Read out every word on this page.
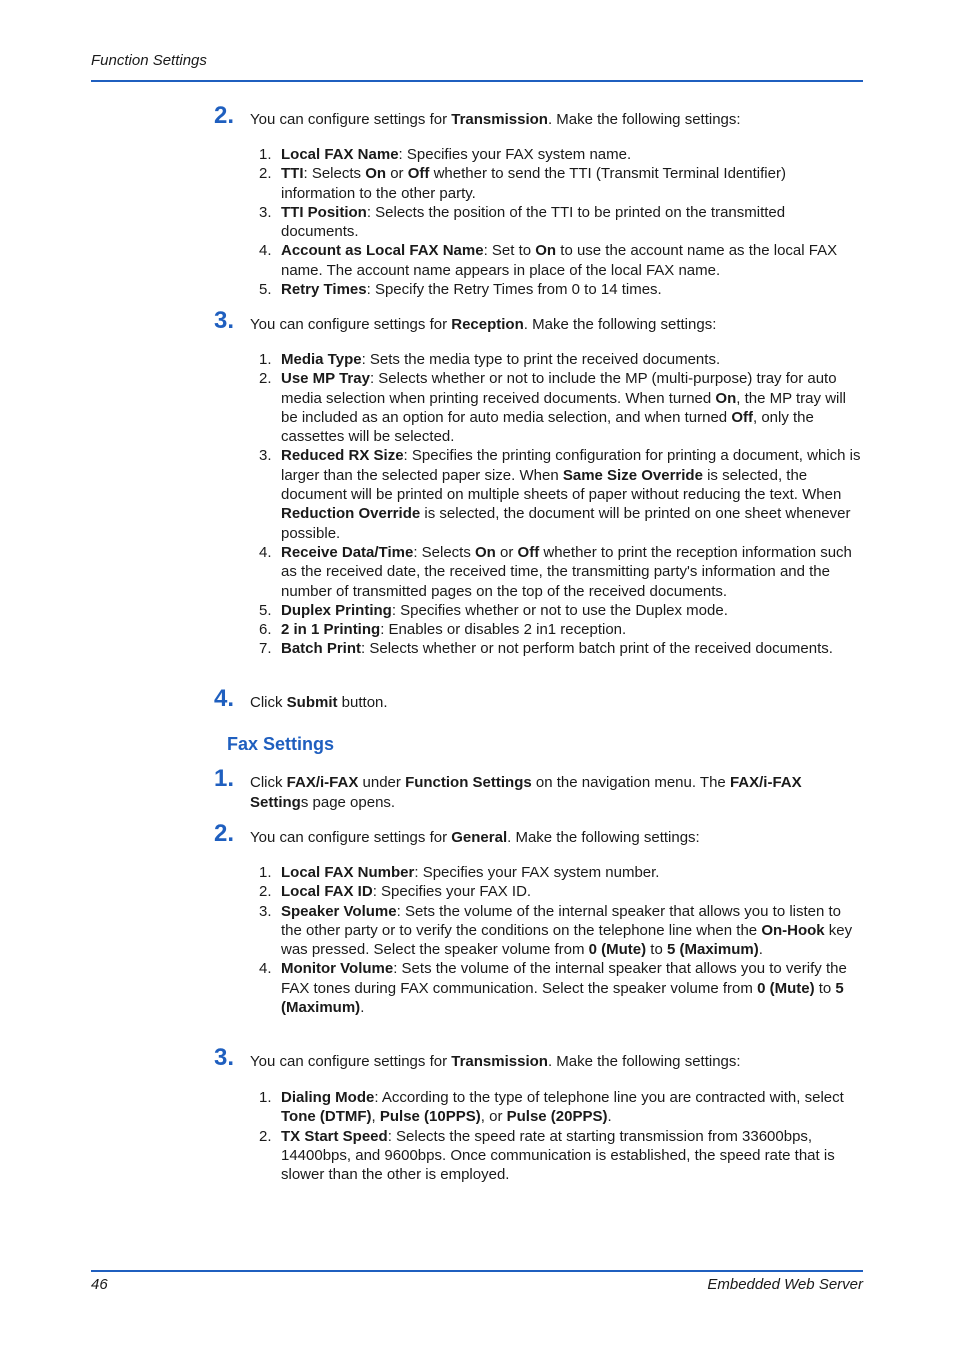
Function Settings
2. You can configure settings for Transmission. Make the following settings:
1. Local FAX Name: Specifies your FAX system name.
2. TTI: Selects On or Off whether to send the TTI (Transmit Terminal Identifier) information to the other party.
3. TTI Position: Selects the position of the TTI to be printed on the transmitted documents.
4. Account as Local FAX Name: Set to On to use the account name as the local FAX name. The account name appears in place of the local FAX name.
5. Retry Times: Specify the Retry Times from 0 to 14 times.
3. You can configure settings for Reception. Make the following settings:
1. Media Type: Sets the media type to print the received documents.
2. Use MP Tray: Selects whether or not to include the MP (multi-purpose) tray for auto media selection when printing received documents. When turned On, the MP tray will be included as an option for auto media selection, and when turned Off, only the cassettes will be selected.
3. Reduced RX Size: Specifies the printing configuration for printing a document, which is larger than the selected paper size. When Same Size Override is selected, the document will be printed on multiple sheets of paper without reducing the text. When Reduction Override is selected, the document will be printed on one sheet whenever possible.
4. Receive Data/Time: Selects On or Off whether to print the reception information such as the received date, the received time, the transmitting party's information and the number of transmitted pages on the top of the received documents.
5. Duplex Printing: Specifies whether or not to use the Duplex mode.
6. 2 in 1 Printing: Enables or disables 2 in1 reception.
7. Batch Print: Selects whether or not perform batch print of the received documents.
4. Click Submit button.
Fax Settings
1. Click FAX/i-FAX under Function Settings on the navigation menu. The FAX/i-FAX Settings page opens.
2. You can configure settings for General. Make the following settings:
1. Local FAX Number: Specifies your FAX system number.
2. Local FAX ID: Specifies your FAX ID.
3. Speaker Volume: Sets the volume of the internal speaker that allows you to listen to the other party or to verify the conditions on the telephone line when the On-Hook key was pressed. Select the speaker volume from 0 (Mute) to 5 (Maximum).
4. Monitor Volume: Sets the volume of the internal speaker that allows you to verify the FAX tones during FAX communication. Select the speaker volume from 0 (Mute) to 5 (Maximum).
3. You can configure settings for Transmission. Make the following settings:
1. Dialing Mode: According to the type of telephone line you are contracted with, select Tone (DTMF), Pulse (10PPS), or Pulse (20PPS).
2. TX Start Speed: Selects the speed rate at starting transmission from 33600bps, 14400bps, and 9600bps. Once communication is established, the speed rate that is slower than the other is employed.
46	Embedded Web Server
